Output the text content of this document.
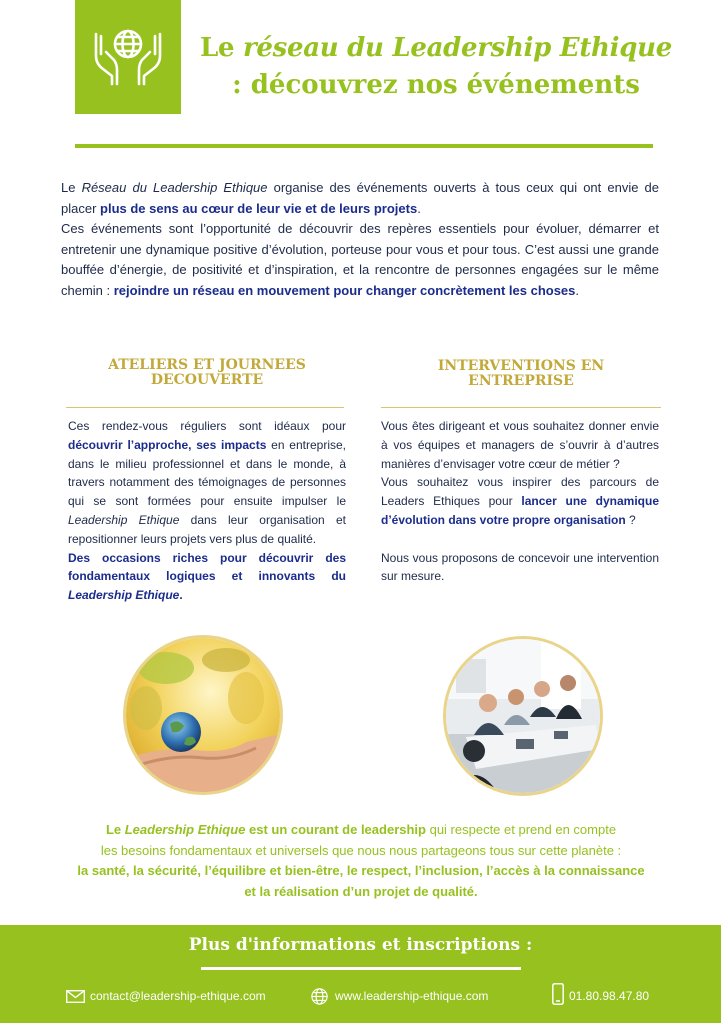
Le réseau du Leadership Ethique
: découvrez nos événements

Le Réseau du Leadership Ethique organise des événements ouverts à tous ceux qui ont envie de placer plus de sens au cœur de leur vie et de leurs projets.

Ces événements sont l’opportunité de découvrir des repères essentiels pour évoluer, démarrer et entretenir une dynamique positive d’évolution, porteuse pour vous et pour tous. C’est aussi une grande bouffée d’énergie, de positivité et d’inspiration, et la rencontre de personnes engagées sur le même chemin : rejoindre un réseau en mouvement pour changer concrètement les choses.

ATELIERS ET JOURNEES
DECOUVERTE

Ces rendez-vous réguliers sont idéaux pour découvrir l’approche, ses impacts en entreprise, dans le milieu professionnel et dans le monde, à travers notamment des témoignages de personnes qui se sont formées pour ensuite impulser le Leadership Ethique dans leur organisation et repositionner leurs projets vers plus de qualité.

Des occasions riches pour découvrir des fondamentaux logiques et innovants du Leadership Ethique.

INTERVENTIONS EN
ENTREPRISE

Vous êtes dirigeant et vous souhaitez donner envie à vos équipes et managers de s’ouvrir à d’autres manières d’envisager votre cœur de métier ?

Vous souhaitez vous inspirer des parcours de Leaders Ethiques pour lancer une dynamique d’évolution dans votre propre organisation ?

Nous vous proposons de concevoir une intervention sur mesure.

Le Leadership Ethique est un courant de leadership qui respecte et prend en compte
les besoins fondamentaux et universels que nous nous partageons tous sur cette planète :
la santé, la sécurité, l’équilibre et bien-être, le respect, l’inclusion, l’accès à la connaissance
et la réalisation d’un projet de qualité.
Plus d'informations et inscriptions :
contact@leadership-ethique.com	www.leadership-ethique.com	01.80.98.47.80
